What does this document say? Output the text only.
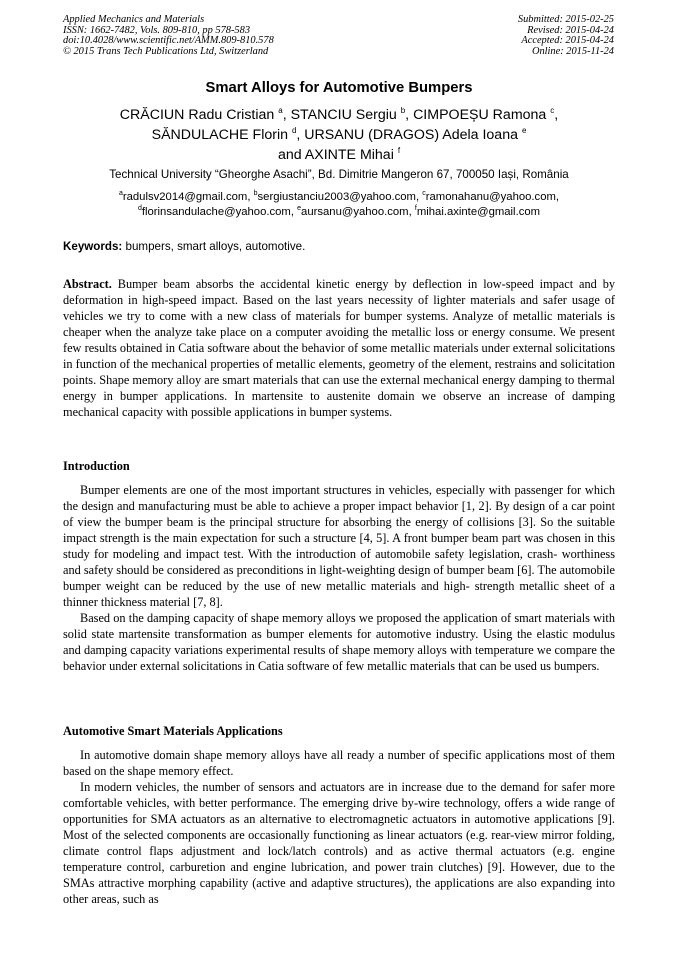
Applied Mechanics and Materials
ISSN: 1662-7482, Vols. 809-810, pp 578-583
doi:10.4028/www.scientific.net/AMM.809-810.578
© 2015 Trans Tech Publications Ltd, Switzerland
Submitted: 2015-02-25
Revised: 2015-04-24
Accepted: 2015-04-24
Online: 2015-11-24
Smart Alloys for Automotive Bumpers
CRĂCIUN Radu Cristian $^a$, STANCIU Sergiu $^b$, CIMPOEȘU Ramona $^c$,
SĂNDULACHE Florin $^d$, URSANU (DRAGOS) Adela Ioana $^e$
and AXINTE Mihai $^f$
Technical University “Gheorghe Asachi”, Bd. Dimitrie Mangeron 67, 700050 Iași, România
$^a$radulsv2014@gmail.com, $^b$sergiustanciu2003@yahoo.com, $^c$ramonahanu@yahoo.com,
$^d$florinsandulache@yahoo.com, $^e$aursanu@yahoo.com, $^f$mihai.axinte@gmail.com
Keywords: bumpers, smart alloys, automotive.

Abstract. Bumper beam absorbs the accidental kinetic energy by deflection in low-speed impact and by deformation in high-speed impact. Based on the last years necessity of lighter materials and safer usage of vehicles we try to come with a new class of materials for bumper systems. Analyze of metallic materials is cheaper when the analyze take place on a computer avoiding the metallic loss or energy consume. We present few results obtained in Catia software about the behavior of some metallic materials under external solicitations in function of the mechanical properties of metallic elements, geometry of the element, restrains and solicitation points. Shape memory alloy are smart materials that can use the external mechanical energy damping to thermal energy in bumper applications. In martensite to austenite domain we observe an increase of damping mechanical capacity with possible applications in bumper systems.

Introduction

Bumper elements are one of the most important structures in vehicles, especially with passenger for which the design and manufacturing must be able to achieve a proper impact behavior [1, 2]. By design of a car point of view the bumper beam is the principal structure for absorbing the energy of collisions [3]. So the suitable impact strength is the main expectation for such a structure [4, 5]. A front bumper beam part was chosen in this study for modeling and impact test. With the introduction of automobile safety legislation, crash- worthiness and safety should be considered as preconditions in light-weighting design of bumper beam [6]. The automobile bumper weight can be reduced by the use of new metallic materials and high- strength metallic sheet of a thinner thickness material [7, 8].

Based on the damping capacity of shape memory alloys we proposed the application of smart materials with solid state martensite transformation as bumper elements for automotive industry. Using the elastic modulus and damping capacity variations experimental results of shape memory alloys with temperature we compare the behavior under external solicitations in Catia software of few metallic materials that can be used us bumpers.

Automotive Smart Materials Applications

In automotive domain shape memory alloys have all ready a number of specific applications most of them based on the shape memory effect.

In modern vehicles, the number of sensors and actuators are in increase due to the demand for safer more comfortable vehicles, with better performance. The emerging drive by-wire technology, offers a wide range of opportunities for SMA actuators as an alternative to electromagnetic actuators in automotive applications [9]. Most of the selected components are occasionally functioning as linear actuators (e.g. rear-view mirror folding, climate control flaps adjustment and lock/latch controls) and as active thermal actuators (e.g. engine temperature control, carburetion and engine lubrication, and power train clutches) [9]. However, due to the SMAs attractive morphing capability (active and adaptive structures), the applications are also expanding into other areas, such as
